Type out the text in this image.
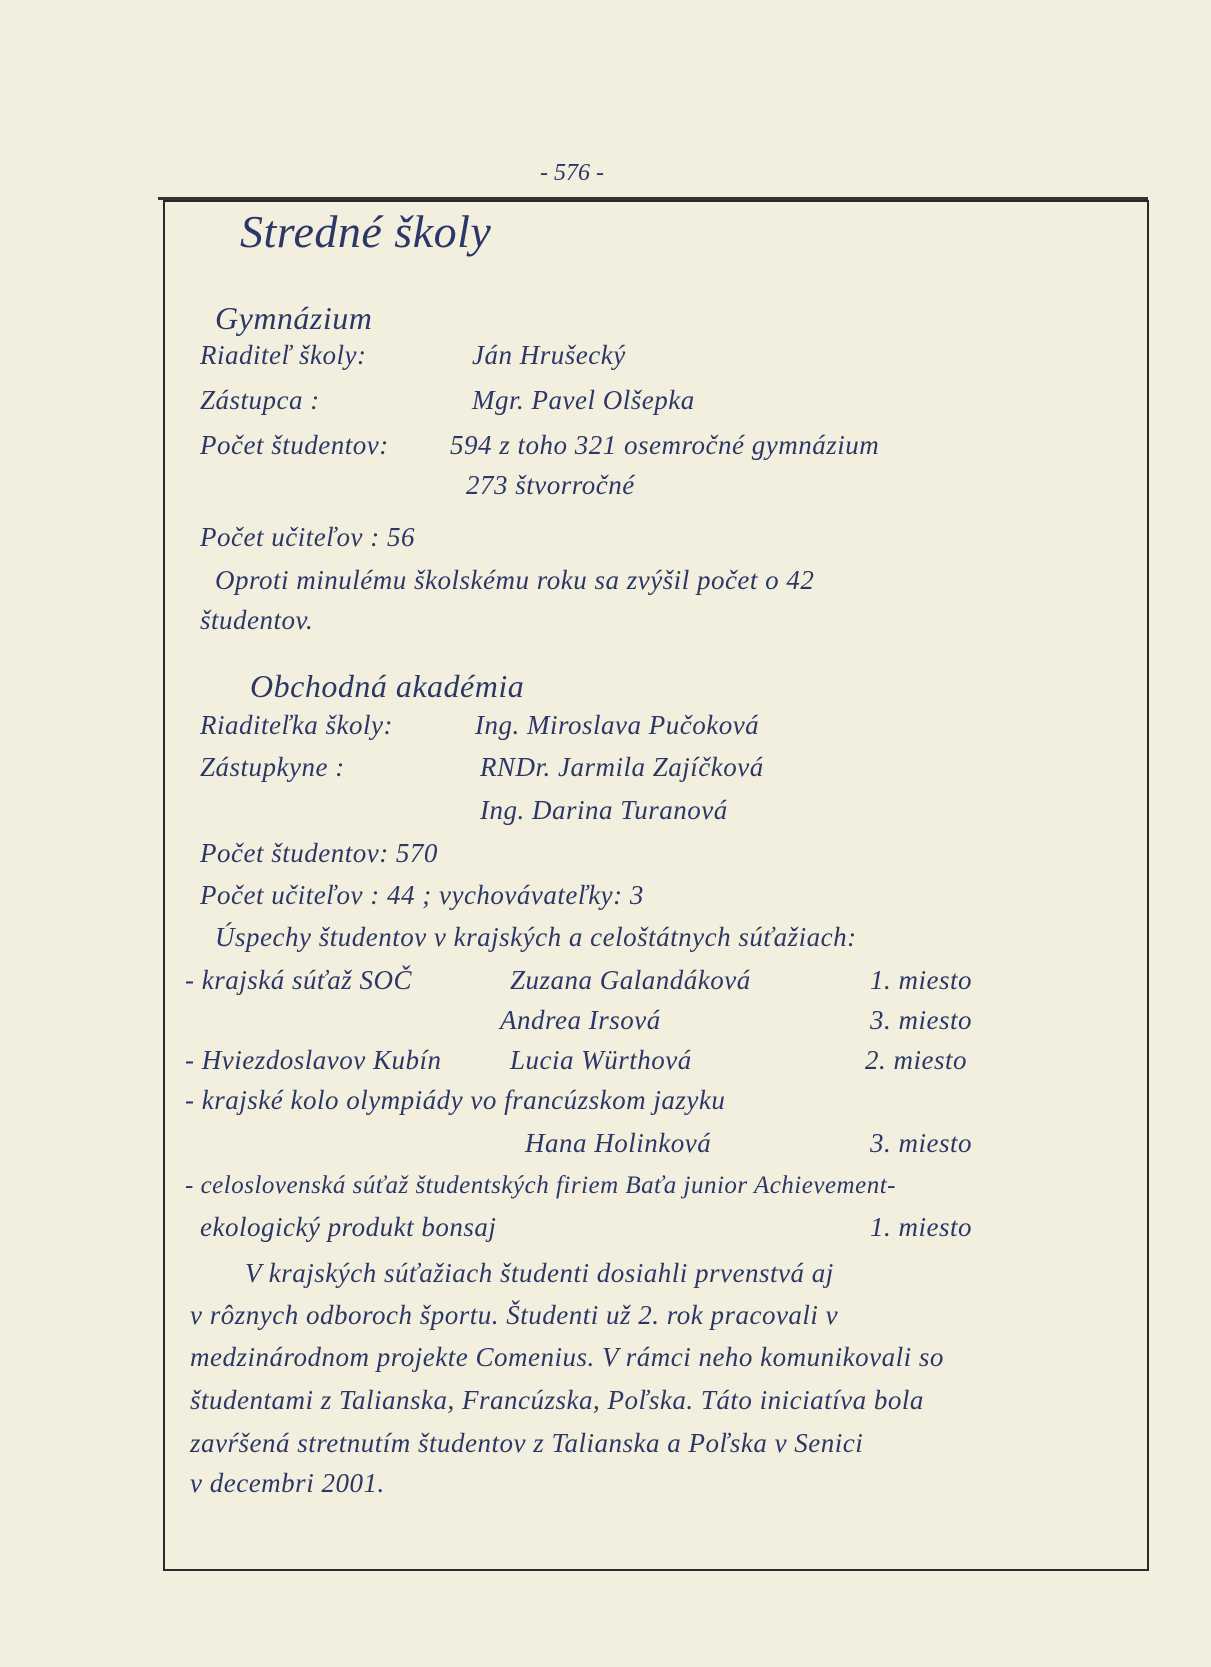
- 576 -
Stredné školy
Gymnázium
Riaditeľ školy:	Ján Hrušecký
Zástupca :	Mgr. Pavel Olšepka
Počet študentov: 594 z toho 321 osemročné gymnázium
273 štvorročné
Počet učiteľov : 56
Oproti minulému školskému roku sa zvýšil počet o 42
študentov.
Obchodná akadémia
Riaditeľka školy:	Ing. Miroslava Pučoková
Zástupkyne :	RNDr. Jarmila Zajíčková
Ing. Darina Turanová
Počet študentov: 570
Počet učiteľov : 44 ; vychovávateľky: 3
Úspechy študentov v krajských a celoštátnych súťažiach:
- krajská súťaž SOČ	Zuzana Galandáková	1. miesto
Andrea Irsová	3. miesto
- Hviezdoslavov Kubín	Lucia Würthová	2. miesto
- krajské kolo olympiády vo francúzskom jazyku
Hana Holinková	3. miesto
- celoslovenská súťaž študentských firiem Baťa junior Achievement-
ekologický produkt bonsaj	1. miesto
V krajských súťažiach študenti dosiahli prvenstvá aj
v rôznych odboroch športu. Študenti už 2. rok pracovali v
medzinárodnom projekte Comenius. V rámci neho komunikovali so
študentami z Talianska, Francúzska, Poľska. Táto iniciatíva bola
zavŕšená stretnutím študentov z Talianska a Poľska v Senici
v decembri 2001.
